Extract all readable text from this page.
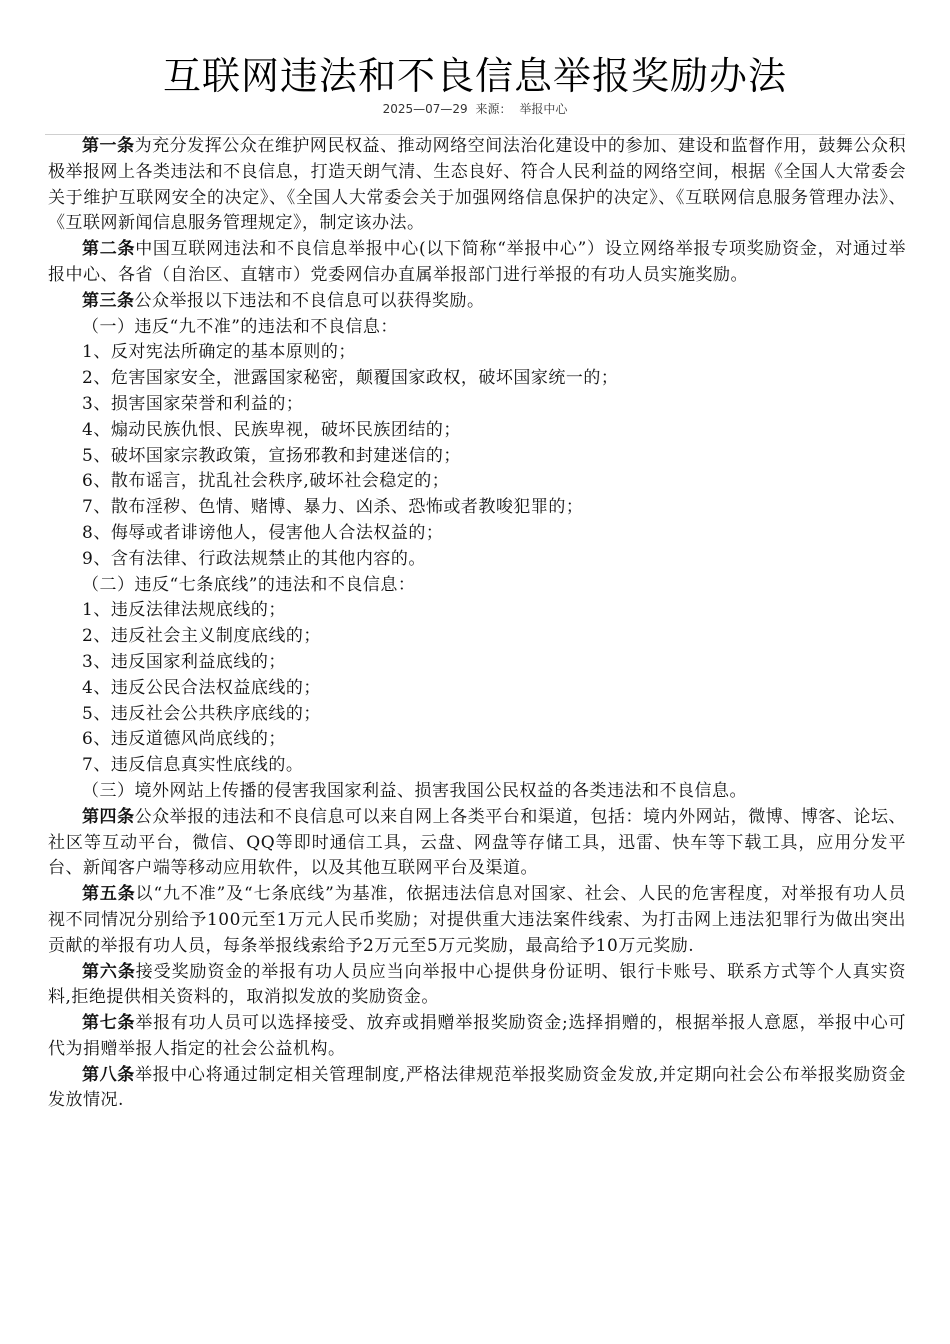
互联网违法和不良信息举报奖励办法
2025—07—29 来源： 举报中心

第一条为充分发挥公众在维护网民权益、推动网络空间法治化建设中的参加、建设和监督作用，鼓舞公众积极举报网上各类违法和不良信息，打造天朗气清、生态良好、符合人民利益的网络空间，根据《全国人大常委会关于维护互联网安全的决定》、《全国人大常委会关于加强网络信息保护的决定》、《互联网信息服务管理办法》、《互联网新闻信息服务管理规定》，制定该办法。

第二条中国互联网违法和不良信息举报中心(以下简称“举报中心”）设立网络举报专项奖励资金，对通过举报中心、各省（自治区、直辖市）党委网信办直属举报部门进行举报的有功人员实施奖励。

第三条公众举报以下违法和不良信息可以获得奖励。

（一）违反“九不准”的违法和不良信息：

1、反对宪法所确定的基本原则的；

2、危害国家安全，泄露国家秘密，颠覆国家政权，破坏国家统一的；

3、损害国家荣誉和利益的；

4、煽动民族仇恨、民族卑视，破坏民族团结的；

5、破坏国家宗教政策，宣扬邪教和封建迷信的；

6、散布谣言，扰乱社会秩序,破坏社会稳定的；

7、散布淫秽、色情、赌博、暴力、凶杀、恐怖或者教唆犯罪的；

8、侮辱或者诽谤他人，侵害他人合法权益的；

9、含有法律、行政法规禁止的其他内容的。

（二）违反“七条底线”的违法和不良信息：

1、违反法律法规底线的；

2、违反社会主义制度底线的；

3、违反国家利益底线的；

4、违反公民合法权益底线的；

5、违反社会公共秩序底线的；

6、违反道德风尚底线的；

7、违反信息真实性底线的。

（三）境外网站上传播的侵害我国家利益、损害我国公民权益的各类违法和不良信息。

第四条公众举报的违法和不良信息可以来自网上各类平台和渠道，包括：境内外网站，微博、博客、论坛、社区等互动平台，微信、QQ等即时通信工具，云盘、网盘等存储工具，迅雷、快车等下载工具，应用分发平台、新闻客户端等移动应用软件，以及其他互联网平台及渠道。

第五条以“九不准”及“七条底线”为基准，依据违法信息对国家、社会、人民的危害程度，对举报有功人员视不同情况分别给予100元至1万元人民币奖励；对提供重大违法案件线索、为打击网上违法犯罪行为做出突出贡献的举报有功人员，每条举报线索给予2万元至5万元奖励，最高给予10万元奖励.

第六条接受奖励资金的举报有功人员应当向举报中心提供身份证明、银行卡账号、联系方式等个人真实资料,拒绝提供相关资料的，取消拟发放的奖励资金。

第七条举报有功人员可以选择接受、放弃或捐赠举报奖励资金;选择捐赠的，根据举报人意愿，举报中心可代为捐赠举报人指定的社会公益机构。

第八条举报中心将通过制定相关管理制度,严格法律规范举报奖励资金发放,并定期向社会公布举报奖励资金发放情况.
